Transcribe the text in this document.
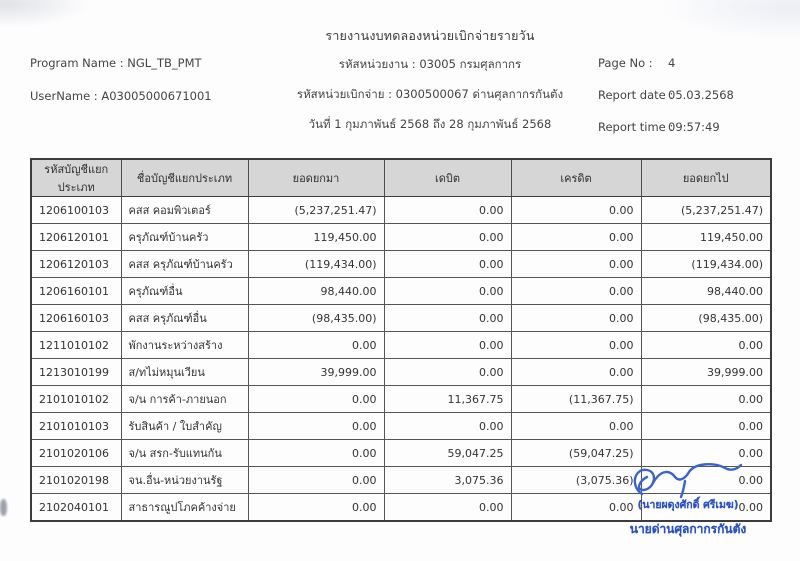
รายงานงบทดลองหน่วยเบิกจ่ายรายวัน
Program Name : NGL_TB_PMT
UserName : A03005000671001
รหัสหน่วยงาน : 03005 กรมศุลกากร
รหัสหน่วยเบิกจ่าย : 0300500067 ด่านศุลกากรกันตัง
วันที่ 1 กุมภาพันธ์ 2568 ถึง 28 กุมภาพันธ์ 2568
Page No : 4
Report date :
05.03.2568
Report time :
09:57:49
รหัสบัญชีแยกประเภท	ชื่อบัญชีแยกประเภท	ยอดยกมา	เดบิต	เครดิต	ยอดยกไป
1206100103	คสส คอมพิวเตอร์	(5,237,251.47)	0.00	0.00	(5,237,251.47)
1206120101	ครุภัณฑ์บ้านครัว	119,450.00	0.00	0.00	119,450.00
1206120103	คสส ครุภัณฑ์บ้านครัว	(119,434.00)	0.00	0.00	(119,434.00)
1206160101	ครุภัณฑ์อื่น	98,440.00	0.00	0.00	98,440.00
1206160103	คสส ครุภัณฑ์อื่น	(98,435.00)	0.00	0.00	(98,435.00)
1211010102	พักงานระหว่างสร้าง	0.00	0.00	0.00	0.00
1213010199	ส/ทไม่หมุนเวียน	39,999.00	0.00	0.00	39,999.00
2101010102	จ/น การค้า-ภายนอก	0.00	11,367.75	(11,367.75)	0.00
2101010103	รับสินค้า / ใบสำคัญ	0.00	0.00	0.00	0.00
2101020106	จ/น สรก-รับแทนกัน	0.00	59,047.25	(59,047.25)	0.00
2101020198	จน.อื่น-หน่วยงานรัฐ	0.00	3,075.36	(3,075.36)	0.00
2102040101	สาธารณูปโภคค้างจ่าย	0.00	0.00	0.00	0.00
(นายผดุงศักดิ์ ศรีเมฆ)
นายด่านศุลกากรกันตัง
